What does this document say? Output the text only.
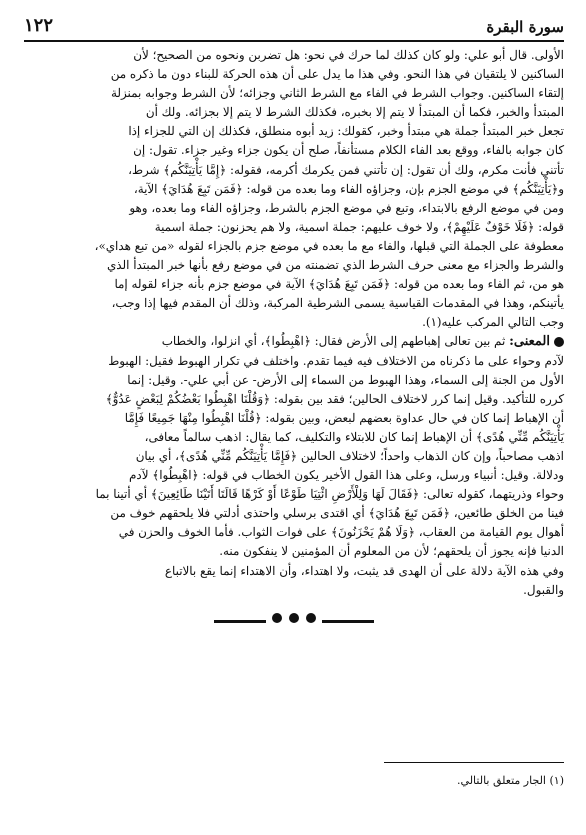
سورة البقرة
١٢٢

الأولى. قال أبو علي: ولو كان كذلك لما حرك في نحو: هل تضربن ونحوه من الصحيح؛ لأن

الساكنين لا يلتقيان في هذا النحو. وفي هذا ما يدل على أن هذه الحركة للبناء دون ما ذكره من

إلتقاء الساكنين. وجواب الشرط في الفاء مع الشرط الثاني وجزائه؛ لأن الشرط وجوابه بمنزلة

المبتدأ والخبر، فكما أن المبتدأ لا يتم إلا بخبره، فكذلك الشرط لا يتم إلا بجزائه. ولك أن

تجعل خبر المبتدأ جملة هي مبتدأ وخبر، كقولك: زيد أبوه منطلق، فكذلك إن التي للجزاء إذا

كان جوابه بالفاء، ووقع بعد الفاء الكلام مستأنفاً، صلح أن يكون جزاء وغير جزاء. تقول: إن

تأتني فأنت مكرم، ولك أن تقول: إن تأتني فمن يكرمك أكرمه، فقوله: ﴿إِمَّا يَأْتِيَنَّكُم﴾ شرط،

و﴿يَأْتِيَنَّكُم﴾ في موضع الجزم بإن، وجزاؤه الفاء وما بعده من قوله: ﴿فَمَن تَبِعَ هُدَايَ﴾ الآية،

ومن في موضع الرفع بالابتداء، وتبع في موضع الجزم بالشرط، وجزاؤه الفاء وما بعده، وهو

قوله: ﴿فَلَا خَوْفٌ عَلَيْهِمْ﴾، ولا خوف عليهم: جملة اسمية، ولا هم يحزنون: جملة اسمية

معطوفة على الجملة التي قبلها، والفاء مع ما بعده في موضع جزم بالجزاء لقوله «من تبع هداي»،

والشرط والجزاء مع معنى حرف الشرط الذي تضمنته من في موضع رفع بأنها خبر المبتدأ الذي

هو من، ثم الفاء وما بعده من قوله: ﴿فَمَن تَبِعَ هُدَايَ﴾ الآية في موضع جزم بأنه جزاء لقوله إما

يأتينكم، وهذا في المقدمات القياسية يسمى الشرطية المركبة، وذلك أن المقدم فيها إذا وجب،

وجب التالي المركب عليه(١).

المعنى: ثم بين تعالى إهباطهم إلى الأرض فقال: ﴿اهْبِطُوا﴾، أي انزلوا، والخطاب

لآدم وحواء على ما ذكرناه من الاختلاف فيه فيما تقدم. واختلف في تكرار الهبوط فقيل: الهبوط

الأول من الجنة إلى السماء، وهذا الهبوط من السماء إلى الأرض- عن أبي علي-. وقيل: إنما

كرره للتأكيد. وقيل إنما كرر لاختلاف الحالين؛ فقد بين بقوله: ﴿وَقُلْنَا اهْبِطُوا بَعْضُكُمْ لِبَعْضٍ عَدُوٌّ﴾

أن الإهباط إنما كان في حال عداوة بعضهم لبعض، وبين بقوله: ﴿قُلْنَا اهْبِطُوا مِنْهَا جَمِيعًا فَإِمَّا

يَأْتِيَنَّكُم مِّنِّي هُدًى﴾ أن الإهباط إنما كان للابتلاء والتكليف، كما يقال: اذهب سالماً معافى،

اذهب مصاحباً، وإن كان الذهاب واحداً؛ لاختلاف الحالين ﴿فَإِمَّا يَأْتِيَنَّكُم مِّنِّي هُدًى﴾، أي بيان

ودلالة. وقيل: أنبياء ورسل، وعلى هذا القول الأخير يكون الخطاب في قوله: ﴿اهْبِطُوا﴾ لآدم

وحواء وذريتهما، كقوله تعالى: ﴿فَقَالَ لَهَا وَلِلْأَرْضِ ائْتِيَا طَوْعًا أَوْ كَرْهًا قَالَتَا أَتَيْنَا طَائِعِينَ﴾ أي أتينا بما

فينا من الخلق طائعين، ﴿فَمَن تَبِعَ هُدَايَ﴾ أي اقتدى برسلي واحتذى أدلتي فلا يلحقهم خوف من

أهوال يوم القيامة من العقاب، ﴿وَلَا هُمْ يَحْزَنُونَ﴾ على فوات الثواب. فأما الخوف والحزن في

الدنيا فإنه يجوز أن يلحقهم؛ لأن من المعلوم أن المؤمنين لا ينفكون منه.

وفي هذه الآية دلالة على أن الهدى قد يثبت، ولا اهتداء، وأن الاهتداء إنما يقع بالاتباع

والقبول.

(١) الجار متعلق بالتالي.
